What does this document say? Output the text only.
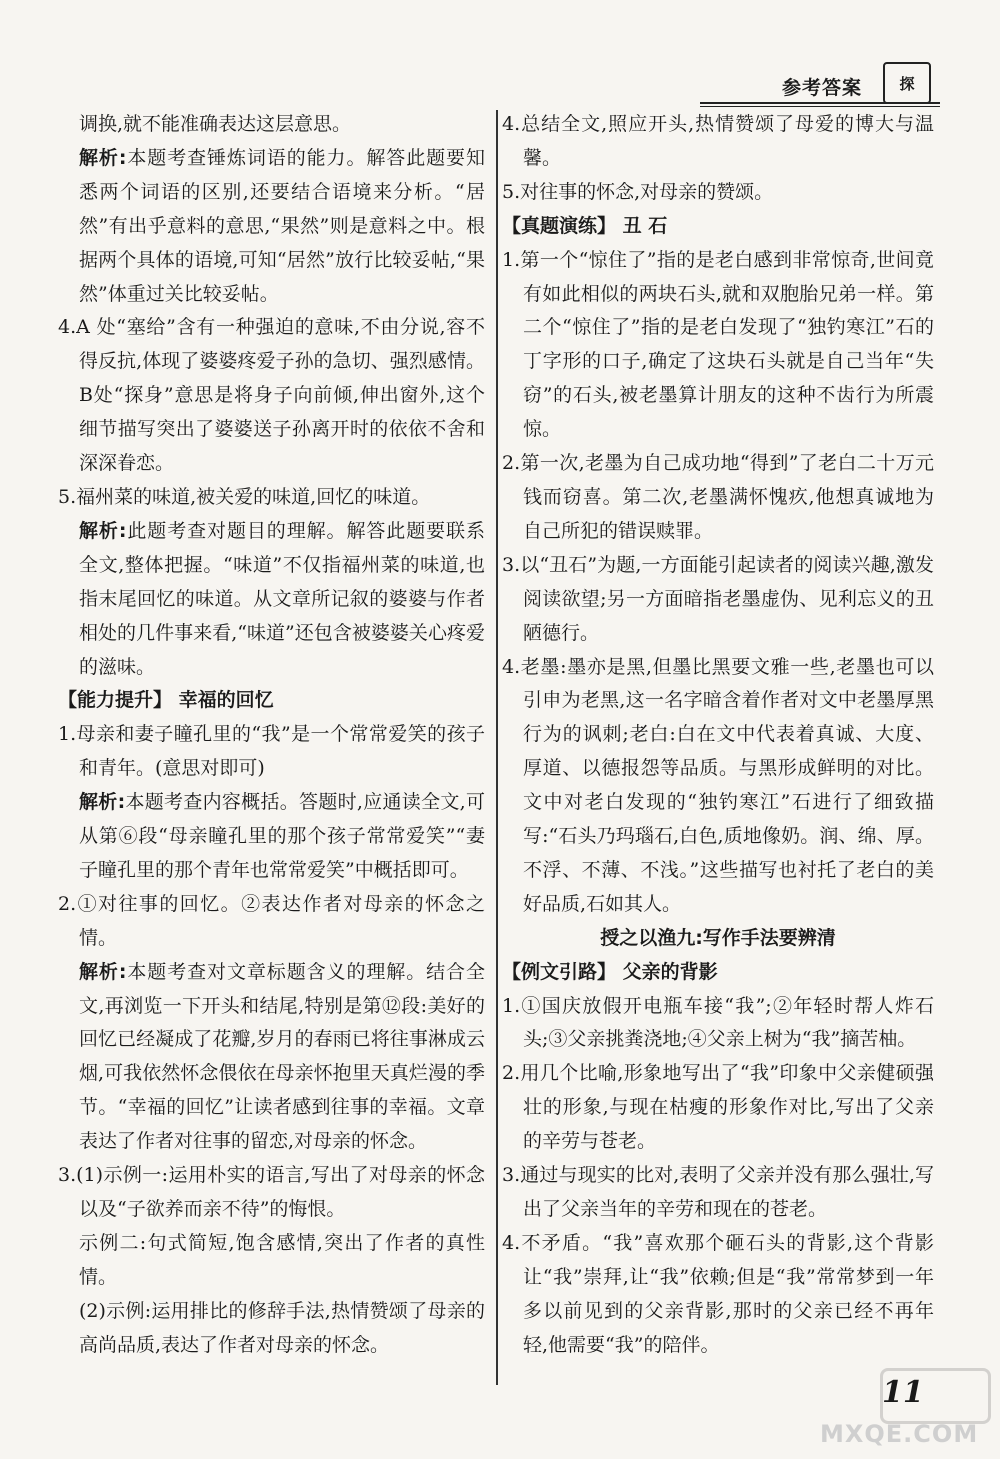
参考答案	探

调换,就不能准确表达这层意思。

解析:本题考查锤炼词语的能力。解答此题要知悉两个词语的区别,还要结合语境来分析。“居然”有出乎意料的意思,“果然”则是意料之中。根据两个具体的语境,可知“居然”放行比较妥帖,“果然”体重过关比较妥帖。

4.A 处“塞给”含有一种强迫的意味,不由分说,容不得反抗,体现了婆婆疼爱子孙的急切、强烈感情。B处“探身”意思是将身子向前倾,伸出窗外,这个细节描写突出了婆婆送子孙离开时的依依不舍和深深眷恋。

5.福州菜的味道,被关爱的味道,回忆的味道。

解析:此题考查对题目的理解。解答此题要联系全文,整体把握。“味道”不仅指福州菜的味道,也指末尾回忆的味道。从文章所记叙的婆婆与作者相处的几件事来看,“味道”还包含被婆婆关心疼爱的滋味。

【能力提升】 幸福的回忆

1.母亲和妻子瞳孔里的“我”是一个常常爱笑的孩子和青年。(意思对即可)

解析:本题考查内容概括。答题时,应通读全文,可从第⑥段“母亲瞳孔里的那个孩子常常爱笑”“妻子瞳孔里的那个青年也常常爱笑”中概括即可。

2.①对往事的回忆。②表达作者对母亲的怀念之情。

解析:本题考查对文章标题含义的理解。结合全文,再浏览一下开头和结尾,特别是第⑫段:美好的回忆已经凝成了花瓣,岁月的春雨已将往事淋成云烟,可我依然怀念偎依在母亲怀抱里天真烂漫的季节。“幸福的回忆”让读者感到往事的幸福。文章表达了作者对往事的留恋,对母亲的怀念。

3.(1)示例一:运用朴实的语言,写出了对母亲的怀念以及“子欲养而亲不待”的悔恨。

示例二:句式简短,饱含感情,突出了作者的真性情。

(2)示例:运用排比的修辞手法,热情赞颂了母亲的高尚品质,表达了作者对母亲的怀念。

4.总结全文,照应开头,热情赞颂了母爱的博大与温馨。

5.对往事的怀念,对母亲的赞颂。

【真题演练】 丑 石

1.第一个“惊住了”指的是老白感到非常惊奇,世间竟有如此相似的两块石头,就和双胞胎兄弟一样。第二个“惊住了”指的是老白发现了“独钓寒江”石的丁字形的口子,确定了这块石头就是自己当年“失窃”的石头,被老墨算计朋友的这种不齿行为所震惊。

2.第一次,老墨为自己成功地“得到”了老白二十万元钱而窃喜。第二次,老墨满怀愧疚,他想真诚地为自己所犯的错误赎罪。

3.以“丑石”为题,一方面能引起读者的阅读兴趣,激发阅读欲望;另一方面暗指老墨虚伪、见利忘义的丑陋德行。

4.老墨:墨亦是黑,但墨比黑要文雅一些,老墨也可以引申为老黑,这一名字暗含着作者对文中老墨厚黑行为的讽刺;老白:白在文中代表着真诚、大度、厚道、以德报怨等品质。与黑形成鲜明的对比。文中对老白发现的“独钓寒江”石进行了细致描写:“石头乃玛瑙石,白色,质地像奶。润、绵、厚。不浮、不薄、不浅。”这些描写也衬托了老白的美好品质,石如其人。

授之以渔九:写作手法要辨清

【例文引路】 父亲的背影

1.①国庆放假开电瓶车接“我”;②年轻时帮人炸石头;③父亲挑粪浇地;④父亲上树为“我”摘苦柚。

2.用几个比喻,形象地写出了“我”印象中父亲健硕强壮的形象,与现在枯瘦的形象作对比,写出了父亲的辛劳与苍老。

3.通过与现实的比对,表明了父亲并没有那么强壮,写出了父亲当年的辛劳和现在的苍老。

4.不矛盾。“我”喜欢那个砸石头的背影,这个背影让“我”崇拜,让“我”依赖;但是“我”常常梦到一年多以前见到的父亲背影,那时的父亲已经不再年轻,他需要“我”的陪伴。

11
MXQE.COM
